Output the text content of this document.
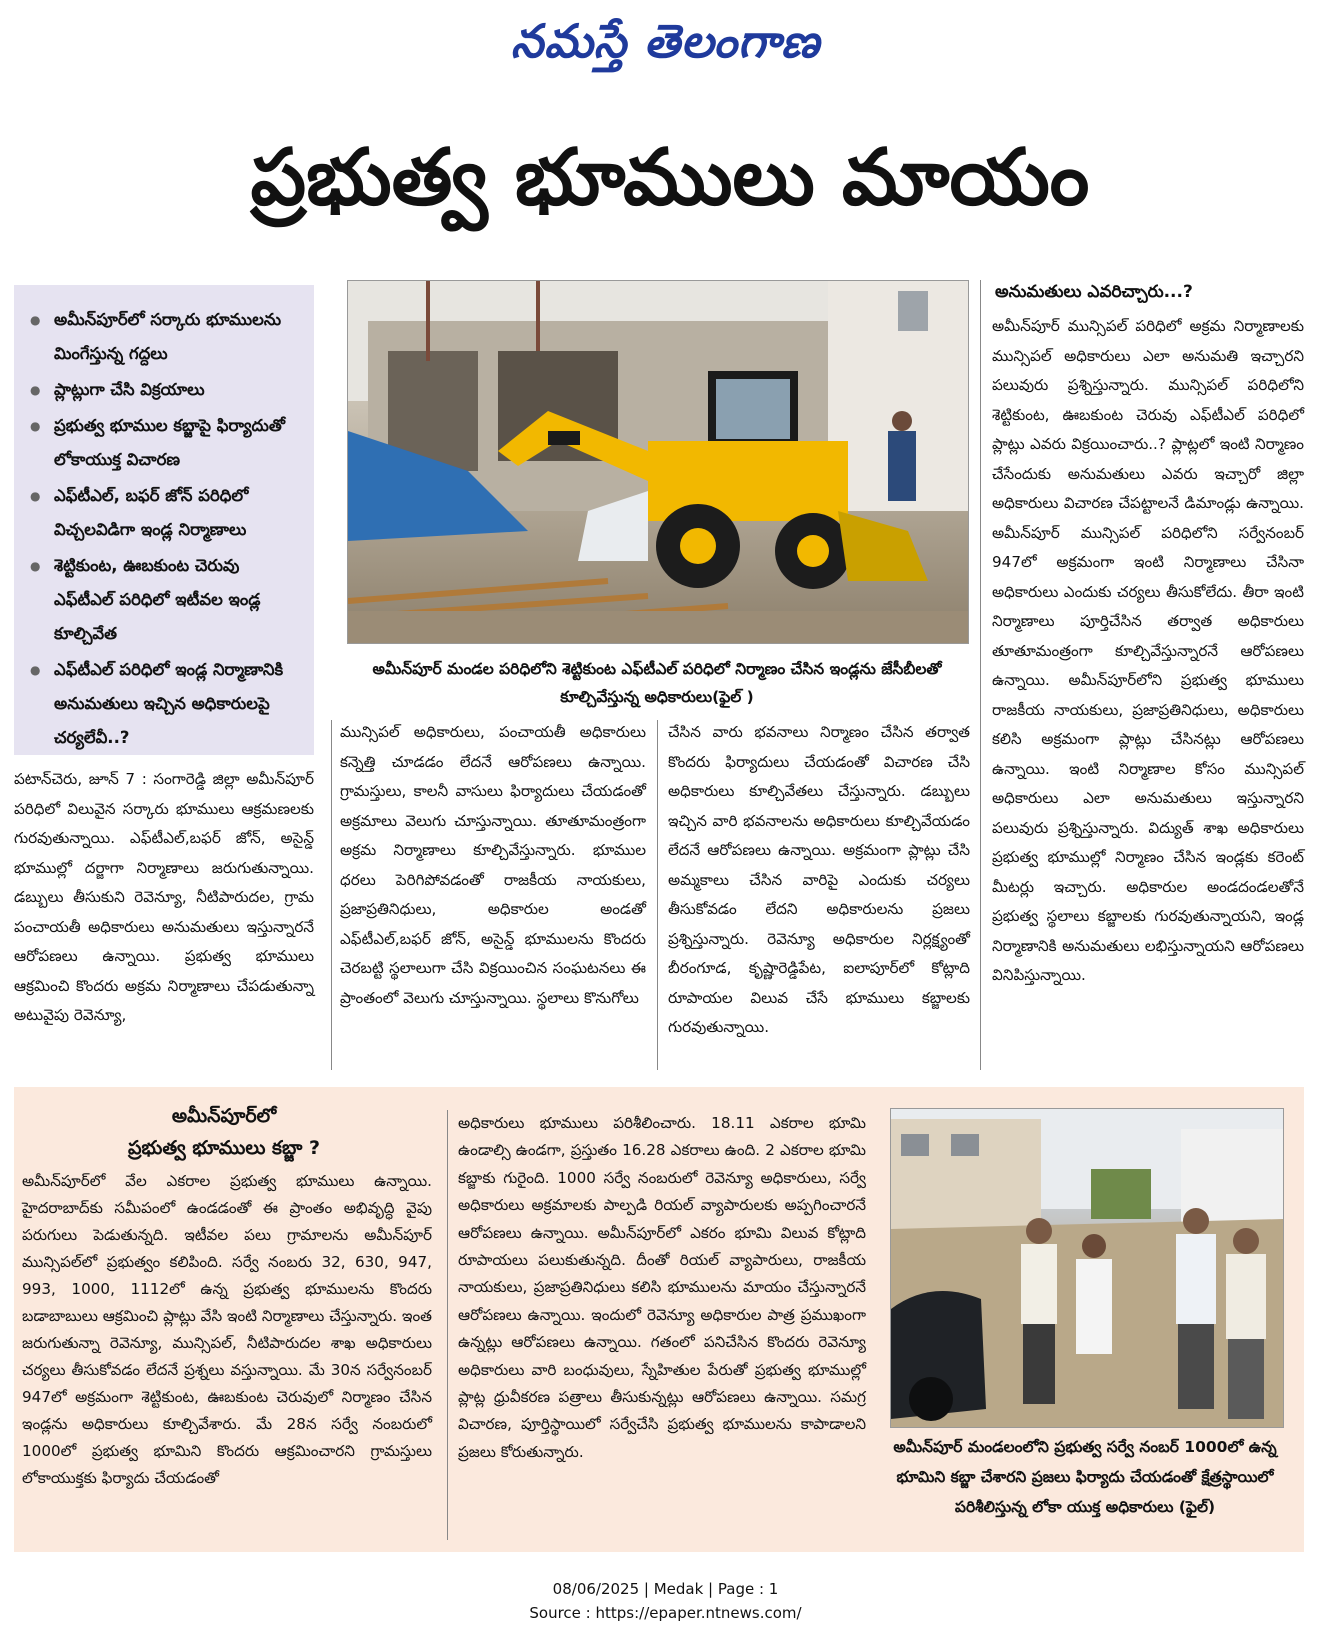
నమస్తే తెలంగాణ
ప్రభుత్వ భూములు మాయం
● అమీన్‌పూర్‌లో సర్కారు భూములను మింగేస్తున్న గద్దలు
● ప్లాట్లుగా చేసి విక్రయాలు
● ప్రభుత్వ భూముల కబ్జాపై ఫిర్యాదుతో లోకాయుక్త విచారణ
● ఎఫ్‌టీఎల్, బఫర్ జోన్ పరిధిలో విచ్చలవిడిగా ఇండ్ల నిర్మాణాలు
● శెట్టికుంట, ఊబకుంట చెరువు ఎఫ్‌టీఎల్ పరిధిలో ఇటీవల ఇండ్ల కూల్చివేత
● ఎఫ్‌టీఎల్ పరిధిలో ఇండ్ల నిర్మాణానికి అనుమతులు ఇచ్చిన అధికారులపై చర్యలేవీ..?
అమీన్‌పూర్ మండల పరిధిలోని శెట్టికుంట ఎఫ్‌టీఎల్ పరిధిలో నిర్మాణం చేసిన ఇండ్లను జేసీబీలతో కూల్చివేస్తున్న అధికారులు(ఫైల్ )
పటాన్‌చెరు, జూన్ 7 : సంగారెడ్డి జిల్లా అమీన్‌పూర్ పరిధిలో విలువైన సర్కారు భూములు ఆక్రమణలకు గురవుతున్నాయి. ఎఫ్‌టీఎల్,బఫర్ జోన్, అసైన్డ్ భూముల్లో దర్జాగా నిర్మాణాలు జరుగుతున్నాయి. డబ్బులు తీసుకుని రెవెన్యూ, నీటిపారుదల, గ్రామ పంచాయతీ అధికారులు అనుమతులు ఇస్తున్నారనే ఆరోపణలు ఉన్నాయి. ప్రభుత్వ భూములు ఆక్రమించి కొందరు అక్రమ నిర్మాణాలు చేపడుతున్నా అటువైపు రెవెన్యూ,
మున్సిపల్ అధికారులు, పంచాయతీ అధికారులు కన్నెత్తి చూడడం లేదనే ఆరోపణలు ఉన్నాయి. గ్రామస్తులు, కాలనీ వాసులు ఫిర్యాదులు చేయడంతో అక్రమాలు వెలుగు చూస్తున్నాయి. తూతూమంత్రంగా అక్రమ నిర్మాణాలు కూల్చివేస్తున్నారు. భూముల ధరలు పెరిగిపోవడంతో రాజకీయ నాయకులు, ప్రజాప్రతినిధులు, అధికారుల అండతో ఎఫ్‌టీఎల్,బఫర్ జోన్, అసైన్డ్ భూములను కొందరు చెరబట్టి స్థలాలుగా చేసి విక్రయించిన సంఘటనలు ఈ ప్రాంతంలో వెలుగు చూస్తున్నాయి. స్థలాలు కొనుగోలు
చేసిన వారు భవనాలు నిర్మాణం చేసిన తర్వాత కొందరు ఫిర్యాదులు చేయడంతో విచారణ చేసి అధికారులు కూల్చివేతలు చేస్తున్నారు. డబ్బులు ఇచ్చిన వారి భవనాలను అధికారులు కూల్చివేయడం లేదనే ఆరోపణలు ఉన్నాయి. అక్రమంగా ప్లాట్లు చేసి అమ్మకాలు చేసిన వారిపై ఎందుకు చర్యలు తీసుకోవడం లేదని అధికారులను ప్రజలు ప్రశ్నిస్తున్నారు. రెవెన్యూ అధికారుల నిర్లక్ష్యంతో బీరంగూడ, కృష్ణారెడ్డిపేట, ఐలాపూర్‌లో కోట్లాది రూపాయల విలువ చేసే భూములు కబ్జాలకు గురవుతున్నాయి.
అనుమతులు ఎవరిచ్చారు...?
అమీన్‌పూర్ మున్సిపల్ పరిధిలో అక్రమ నిర్మాణాలకు మున్సిపల్ అధికారులు ఎలా అనుమతి ఇచ్చారని పలువురు ప్రశ్నిస్తున్నారు. మున్సిపల్ పరిధిలోని శెట్టికుంట, ఊబకుంట చెరువు ఎఫ్‌టీఎల్ పరిధిలో ప్లాట్లు ఎవరు విక్రయించారు..? ప్లాట్లలో ఇంటి నిర్మాణం చేసేందుకు అనుమతులు ఎవరు ఇచ్చారో జిల్లా అధికారులు విచారణ చేపట్టాలనే డిమాండ్లు ఉన్నాయి. అమీన్‌పూర్ మున్సిపల్ పరిధిలోని సర్వేనంబర్ 947లో అక్రమంగా ఇంటి నిర్మాణాలు చేసినా అధికారులు ఎందుకు చర్యలు తీసుకోలేదు. తీరా ఇంటి నిర్మాణాలు పూర్తిచేసిన తర్వాత అధికారులు తూతూమంత్రంగా కూల్చివేస్తున్నారనే ఆరోపణలు ఉన్నాయి. అమీన్‌పూర్‌లోని ప్రభుత్వ భూములు రాజకీయ నాయకులు, ప్రజాప్రతినిధులు, అధికారులు కలిసి అక్రమంగా ప్లాట్లు చేసినట్లు ఆరోపణలు ఉన్నాయి. ఇంటి నిర్మాణాల కోసం మున్సిపల్ అధికారులు ఎలా అనుమతులు ఇస్తున్నారని పలువురు ప్రశ్నిస్తున్నారు. విద్యుత్ శాఖ అధికారులు ప్రభుత్వ భూముల్లో నిర్మాణం చేసిన ఇండ్లకు కరెంట్ మీటర్లు ఇచ్చారు. అధికారుల అండదండలతోనే ప్రభుత్వ స్థలాలు కబ్జాలకు గురవుతున్నాయని, ఇండ్ల నిర్మాణానికి అనుమతులు లభిస్తున్నాయని ఆరోపణలు వినిపిస్తున్నాయి.
అమీన్‌పూర్‌లో
ప్రభుత్వ భూములు కబ్జా ?
అమీన్‌పూర్‌లో వేల ఎకరాల ప్రభుత్వ భూములు ఉన్నాయి. హైదరాబాద్‌కు సమీపంలో ఉండడంతో ఈ ప్రాంతం అభివృద్ధి వైపు పరుగులు పెడుతున్నది. ఇటీవల పలు గ్రామాలను అమీన్‌పూర్ మున్సిపల్‌లో ప్రభుత్వం కలిపింది. సర్వే నంబరు 32, 630, 947, 993, 1000, 1112లో ఉన్న ప్రభుత్వ భూములను కొందరు బడాబాబులు ఆక్రమించి ప్లాట్లు వేసి ఇంటి నిర్మాణాలు చేస్తున్నారు. ఇంత జరుగుతున్నా రెవెన్యూ, మున్సిపల్, నీటిపారుదల శాఖ అధికారులు చర్యలు తీసుకోవడం లేదనే ప్రశ్నలు వస్తున్నాయి. మే 30న సర్వేనంబర్ 947లో అక్రమంగా శెట్టికుంట, ఊబకుంట చెరువులో నిర్మాణం చేసిన ఇండ్లను అధికారులు కూల్చివేశారు. మే 28న సర్వే నంబరులో 1000లో ప్రభుత్వ భూమిని కొందరు ఆక్రమించారని గ్రామస్తులు లోకాయుక్తకు ఫిర్యాదు చేయడంతో
అధికారులు భూములు పరిశీలించారు. 18.11 ఎకరాల భూమి ఉండాల్సి ఉండగా, ప్రస్తుతం 16.28 ఎకరాలు ఉంది. 2 ఎకరాల భూమి కబ్జాకు గురైంది. 1000 సర్వే నంబరులో రెవెన్యూ అధికారులు, సర్వే అధికారులు అక్రమాలకు పాల్పడి రియల్ వ్యాపారులకు అప్పగించారనే ఆరోపణలు ఉన్నాయి. అమీన్‌పూర్‌లో ఎకరం భూమి విలువ కోట్లాది రూపాయలు పలుకుతున్నది. దీంతో రియల్ వ్యాపారులు, రాజకీయ నాయకులు, ప్రజాప్రతినిధులు కలిసి భూములను మాయం చేస్తున్నారనే ఆరోపణలు ఉన్నాయి. ఇందులో రెవెన్యూ అధికారుల పాత్ర ప్రముఖంగా ఉన్నట్లు ఆరోపణలు ఉన్నాయి. గతంలో పనిచేసిన కొందరు రెవెన్యూ అధికారులు వారి బంధువులు, స్నేహితుల పేరుతో ప్రభుత్వ భూముల్లో ప్లాట్ల ధ్రువీకరణ పత్రాలు తీసుకున్నట్లు ఆరోపణలు ఉన్నాయి. సమగ్ర విచారణ, పూర్తిస్థాయిలో సర్వేచేసి ప్రభుత్వ భూములను కాపాడాలని ప్రజలు కోరుతున్నారు.	అమీన్‌పూర్ మండలంలోని ప్రభుత్వ సర్వే నంబర్ 1000లో ఉన్న భూమిని కబ్జా చేశారని ప్రజలు ఫిర్యాదు చేయడంతో క్షేత్రస్థాయిలో పరిశీలిస్తున్న లోకా యుక్త అధికారులు (ఫైల్)
08/06/2025 | Medak | Page : 1
Source : https://epaper.ntnews.com/
